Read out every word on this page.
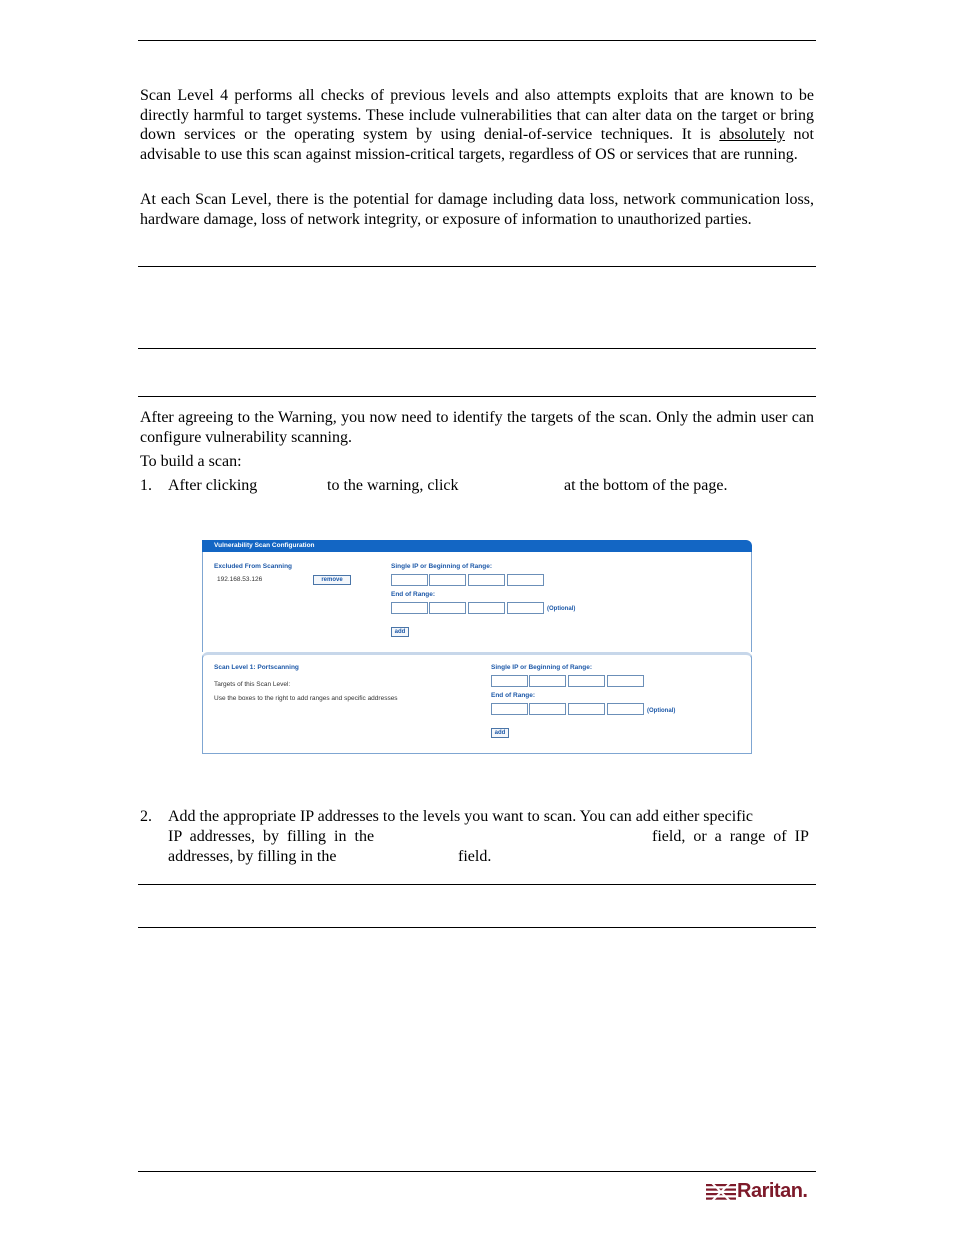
Scan Level 4 performs all checks of previous levels and also attempts exploits that are known to be directly harmful to target systems. These include vulnerabilities that can alter data on the target or bring down services or the operating system by using denial-of-service techniques. It is absolutely not advisable to use this scan against mission-critical targets, regardless of OS or services that are running.

At each Scan Level, there is the potential for damage including data loss, network communication loss, hardware damage, loss of network integrity, or exposure of information to unauthorized parties.

After agreeing to the Warning, you now need to identify the targets of the scan. Only the admin user can configure vulnerability scanning.

To build a scan:

1. After clicking	to the warning, click	at the bottom of the page.
Vulnerability Scan Configuration
Excluded From Scanning
192.168.53.126	remove
Single IP or Beginning of Range:
End of Range:
(Optional)
add
Scan Level 1: Portscanning
Targets of this Scan Level:
Use the boxes to the right to add ranges and specific addresses
Single IP or Beginning of Range:
End of Range:
(Optional)
add
2. Add the appropriate IP addresses to the levels you want to scan. You can add either specific
IP  addresses,  by  filling  in  the	field,  or  a  range  of  IP
addresses, by filling in the	field.
Raritan.
